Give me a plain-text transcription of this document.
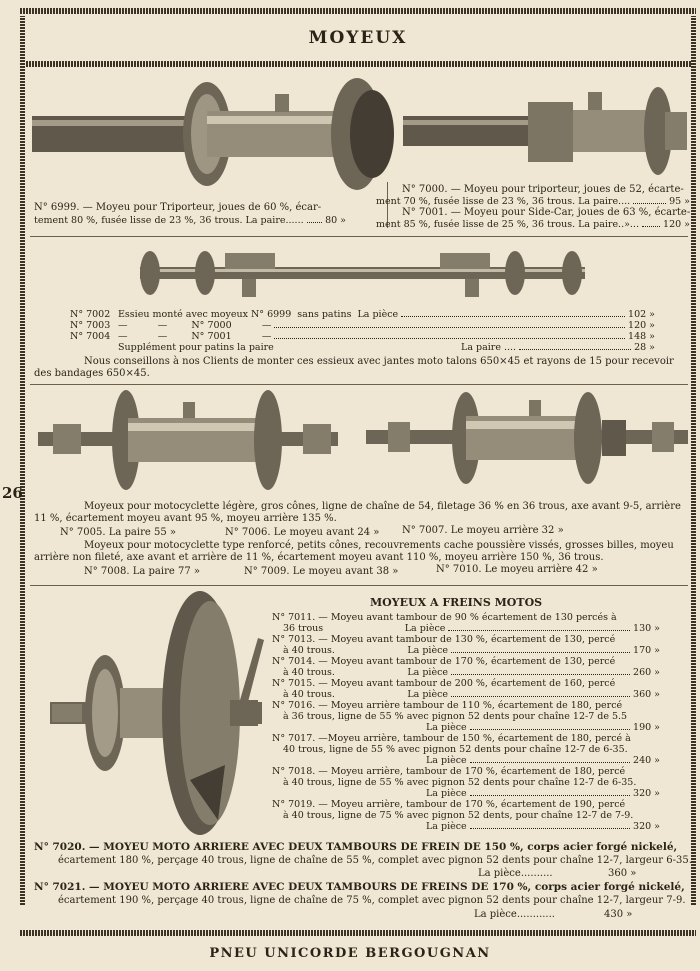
MOYEUX
26
N° 6999. — Moyeu pour Triporteur, joues de 60 %, écar-
tement 80 %, fusée lisse de 23 %, 36 trous. La paire...... 80 »
N° 7000. — Moyeu pour triporteur, joues de 52, écarte-
ment 70 %, fusée lisse de 23 %, 36 trous. La paire....	95 »
N° 7001. — Moyeu pour Side-Car, joues de 63 %, écarte-
ment 85 %, fusée lisse de 25 %, 36 trous. La paire..»...	120 »
N° 7002 Essieu monté avec moyeux N° 6999  sans patins  La pièce	102 »
N° 7003 —          —        N° 7000          —	120 »
N° 7004 —          —        N° 7001          —	148 »
Supplément pour patins la paire                                                              La paire ....	28 »
Nous conseillons à nos Clients de monter ces essieux avec jantes moto talons 650×45 et rayons de 15 pour recevoir
des bandages 650×45.
Moyeux pour motocyclette légère, gros cônes, ligne de chaîne de 54, filetage 36 % en 36 trous, axe avant 9-5, arrière
11 %, écartement moyeu avant 95 %, moyeu arrière 135 %.
N° 7005. La paire 55 »	N° 7006. Le moyeu avant 24 » N° 7007. Le moyeu arrière 32 »
Moyeux pour motocyclette type renforcé, petits cônes, recouvrements cache poussière vissés, grosses billes, moyeu
arrière non fileté, axe avant et arrière de 11 %, écartement moyeu avant 110 %, moyeu arrière 150 %, 36 trous.
N° 7008. La paire 77 »	N° 7009. Le moyeu avant 38 »	N° 7010. Le moyeu arrière 42 »
MOYEUX A FREINS MOTOS
N° 7011. — Moyeu avant tambour de 90 % écartement de 130 percés à
36 trous                           La pièce	130 »
N° 7013. — Moyeu avant tambour de 130 %, écartement de 130, percé
à 40 trous.                        La pièce	170 »
N° 7014. — Moyeu avant tambour de 170 %, écartement de 130, percé
à 40 trous.                        La pièce	260 »
N° 7015. — Moyeu avant tambour de 200 %, écartement de 160, percé
à 40 trous.                        La pièce	360 »
N° 7016. — Moyeu arrière tambour de 110 %, écartement de 180, percé
à 36 trous, ligne de 55 % avec pignon 52 dents pour chaîne 12-7 de 5.5
La pièce	190 »
N° 7017. —Moyeu arrière, tambour de 150 %, écartement de 180, percé à
40 trous, ligne de 55 % avec pignon 52 dents pour chaîne 12-7 de 6-35.
La pièce	240 »
N° 7018. — Moyeu arrière, tambour de 170 %, écartement de 180, percé
à 40 trous, ligne de 55 % avec pignon 52 dents pour chaîne 12-7 de 6-35.
La pièce	320 »
N° 7019. — Moyeu arrière, tambour de 170 %, écartement de 190, percé
à 40 trous, ligne de 75 % avec pignon 52 dents, pour chaîne 12-7 de 7-9.
La pièce	320 »
N° 7020. — MOYEU MOTO ARRIERE AVEC DEUX TAMBOURS DE FREIN DE 150 %, corps acier forgé nickelé,
écartement 180 %, perçage 40 trous, ligne de chaîne de 55 %, complet avec pignon 52 dents pour chaîne 12-7, largeur 6-35.
La pièce..........	360 »
N° 7021. — MOYEU MOTO ARRIERE AVEC DEUX TAMBOURS DE FREINS DE 170 %, corps acier forgé nickelé,
écartement 190 %, perçage 40 trous, ligne de chaîne de 75 %, complet avec pignon 52 dents pour chaîne 12-7, largeur 7-9.
La pièce............	430 »
PNEU UNICORDE BERGOUGNAN
